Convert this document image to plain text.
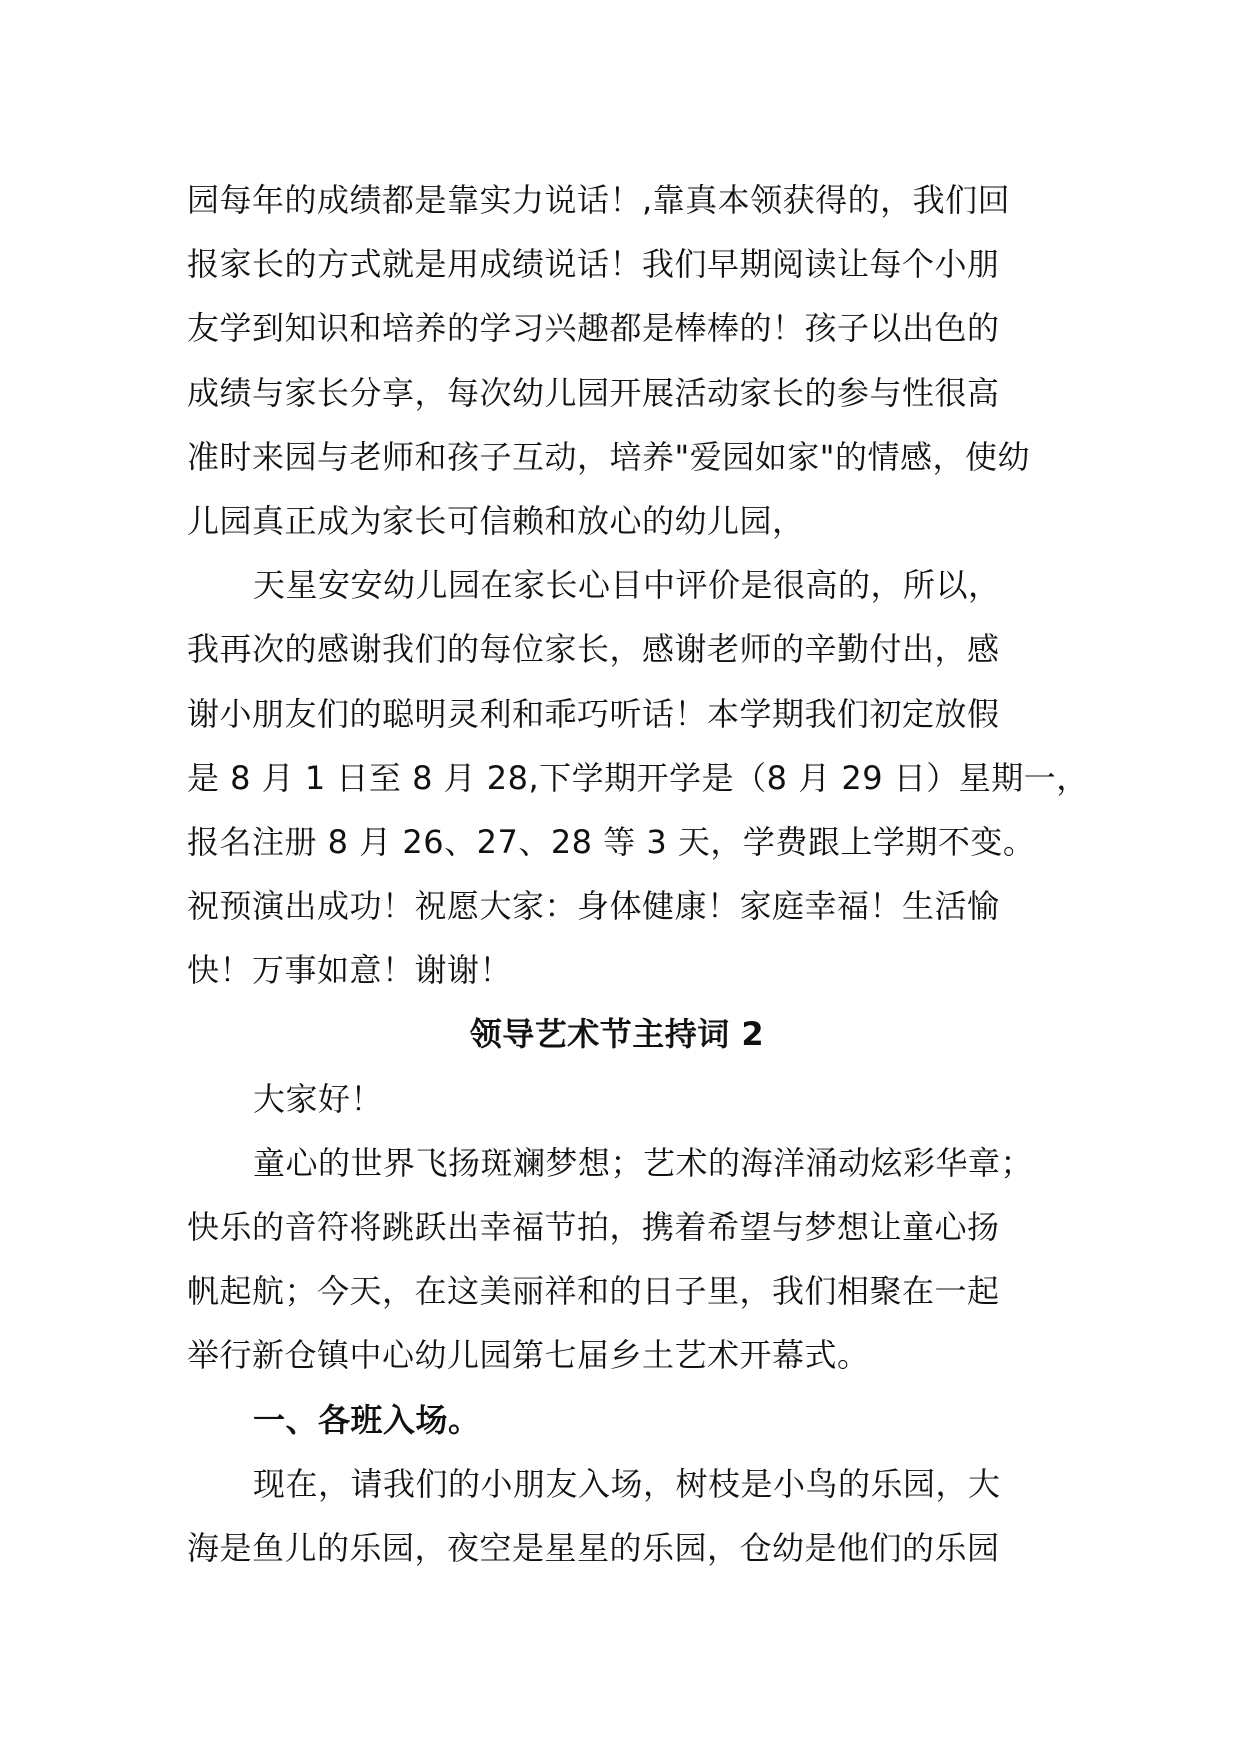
园每年的成绩都是靠实力说话！,靠真本领获得的，我们回
报家长的方式就是用成绩说话！我们早期阅读让每个小朋
友学到知识和培养的学习兴趣都是棒棒的！孩子以出色的
成绩与家长分享，每次幼儿园开展活动家长的参与性很高
准时来园与老师和孩子互动，培养"爱园如家"的情感，使幼
儿园真正成为家长可信赖和放心的幼儿园，
天星安安幼儿园在家长心目中评价是很高的，所以，
我再次的感谢我们的每位家长，感谢老师的辛勤付出，感
谢小朋友们的聪明灵利和乖巧听话！本学期我们初定放假
是 8 月 1 日至 8 月 28,下学期开学是（8 月 29 日）星期一，
报名注册 8 月 26、27、28 等 3 天，学费跟上学期不变。
祝预演出成功！祝愿大家：身体健康！家庭幸福！生活愉
快！万事如意！谢谢！
领导艺术节主持词 2
大家好！
童心的世界飞扬斑斓梦想；艺术的海洋涌动炫彩华章；
快乐的音符将跳跃出幸福节拍，携着希望与梦想让童心扬
帆起航；今天，在这美丽祥和的日子里，我们相聚在一起
举行新仓镇中心幼儿园第七届乡土艺术开幕式。
一、各班入场。
现在，请我们的小朋友入场，树枝是小鸟的乐园，大
海是鱼儿的乐园，夜空是星星的乐园，仓幼是他们的乐园
